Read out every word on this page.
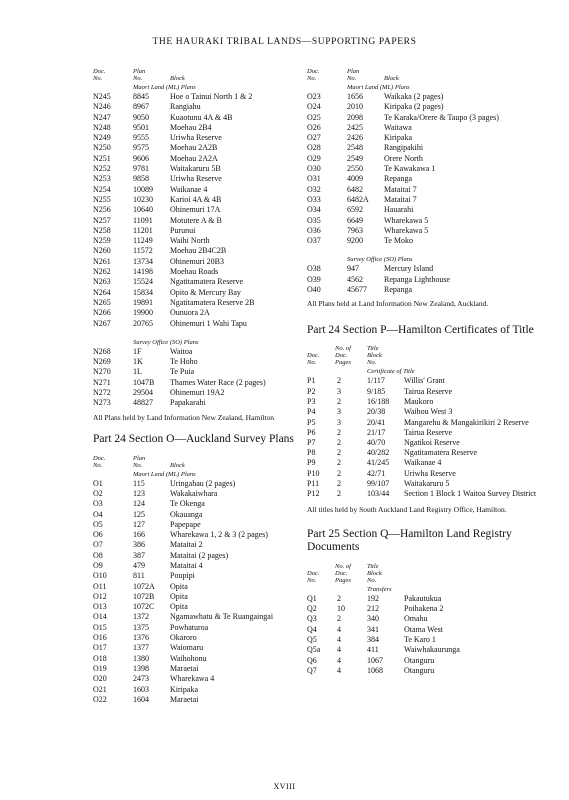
THE HAURAKI TRIBAL LANDS—SUPPORTING PAPERS
Doc.
No.
Plan
No.	Block
Maori Land (ML) Plans
N245	8845	Hoe o Tainui North 1 & 2
N246	8967	Rangiahu
N247	9050	Kuaotunu 4A & 4B
N248	9501	Moehau 2B4
N249	9555	Uriwha Reserve
N250	9575	Moehau 2A2B
N251	9606	Moehau 2A2A
N252	9781	Waitakaruru 5B
N253	9858	Uriwha Reserve
N254	10089 Waikanae 4
N255	10230 Karioi 4A & 4B
N256	10640 Ohinemuri 17A
N257	11091 Motutere A & B
N258	11201 Purunui
N259	11249 Waihi North
N260	11572 Moehau 2B4C2B
N261	13734 Ohinemuri 20B3
N262	14198 Moehau Roads
N263	15524 Ngatitamatera Reserve
N264	15834 Opito & Mercury Bay
N265	19891 Ngatitamatera Reserve 2B
N266	19900 Ounuora 2A
N267	20765 Ohinemuri 1 Wahi Tapu
Survey Office (SO) Plans
N268	1F	Waitoa
N269	1K	Te Hoho
N270	1L	Te Puia
N271	1047B Thames Water Race (2 pages)
N272	29504 Ohinemuri 19A2
N273	48827 Papakarahi
All Plans held by Land Information New Zealand, Hamilton
Part 24 Section O—Auckland Survey Plans
Doc.
No.
Plan
No.	Block
Maori Land (ML) Plans
O1	115	Uringahau (2 pages)
O2	123	Wakakaiwhara
O3	124	Te Okenga
O4	125	Okauanga
O5	127	Papepape
O6	166	Wharekawa 1, 2 & 3 (2 pages)
O7	386	Mataitai 2
O8	387	Mataitai (2 pages)
O9	479	Mataitai 4
O10	811	Poupipi
O11	1072A Opita
O12	1072B Opita
O13	1072C Opita
O14	1372	Ngamawhatu & Te Ruangaingai
O15	1375	Powhaturoa
O16	1376	Okaroro
O17	1377	Waiomaru
O18	1380	Waihohonu
O19	1398	Maraetai
O20	2473	Wharekawa 4
O21	1603	Kiripaka
O22	1604	Maraetai
Doc.
No.
Plan
No.	Block
Maori Land (ML) Plans
O23	1656	Waikaka (2 pages)
O24	2010	Kiripaka (2 pages)
O25	2098	Te Karaka/Orere & Taupo (3 pages)
O26	2425	Waitawa
O27	2426	Kiripaka
O28	2548	Rangipakihi
O29	2549	Orere North
O30	2550	Te Kawakawa 1
O31	4009	Repanga
O32	6482	Mataitai 7
O33	6482A Mataitai 7
O34	6592	Hauarahi
O35	6649	Wharekawa 5
O36	7963	Wharekawa 5
O37	9200	Te Moko
Survey Office (SO) Plans
O38	947	Mercury Island
O39	4562	Repanga Lighthouse
O40	45677 Repanga
All Plans held at Land Information New Zealand, Auckland.
Part 24 Section P—Hamilton Certificates of Title
Doc.
No.
No. of
Doc.
Pages
Title
Block
No.
Certificate of Title
P1	2	1/117 Willis' Grant
P2	3	9/185 Tairua Reserve
P3	2	16/188 Maukoro
P4	3	20/38 Waihou West 3
P5	3	20/41 Mangarehu & Mangakirikiri 2 Reserve
P6	2	21/17 Tairua Reserve
P7	2	40/70 Ngatikoi Reserve
P8	2	40/282 Ngatitamatera Reserve
P9	2	41/245 Waikanae 4
P10 2	42/71 Uriwha Reserve
P11 2	99/107 Waitakaruru 5
P12 2	103/44 Section 1 Block 1 Waitoa Survey District
All titles held by South Auckland Land Registry Office, Hamilton.
Part 25 Section Q—Hamilton Land Registry Documents
Doc.
No.
No. of
Doc.
Pages
Title
Block
No.
Transfers
Q1	2	192	Pakautukua
Q2	10	212	Poihakena 2
Q3	2	340	Omahu
Q4	4	341	Otama West
Q5	4	384	Te Karo 1
Q5a 4	411	Waiwhakaurunga
Q6	4	1067	Otanguru
Q7	4	1068	Otanguru
XVIII
